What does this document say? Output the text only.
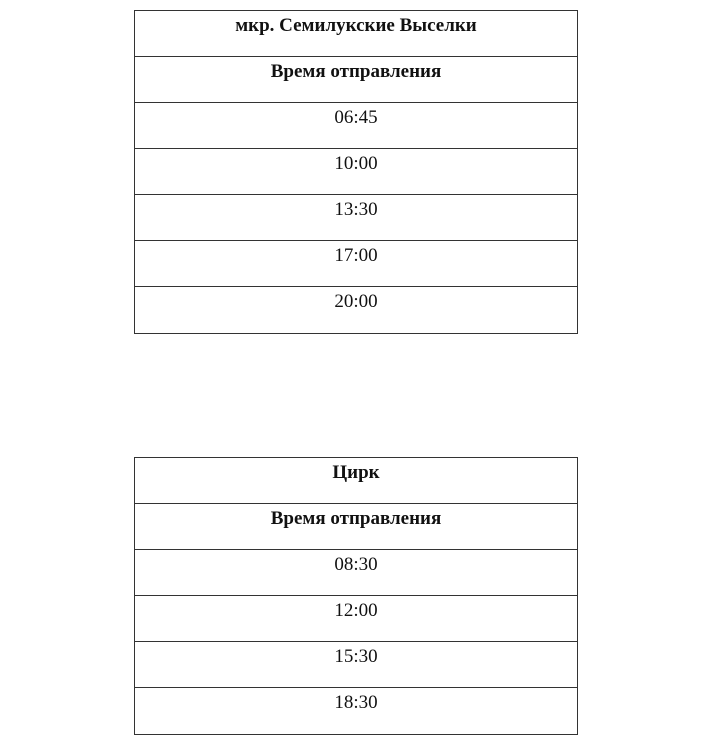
мкр. Семилукские Выселки
Время отправления
06:45
10:00
13:30
17:00
20:00
Цирк
Время отправления
08:30
12:00
15:30
18:30
